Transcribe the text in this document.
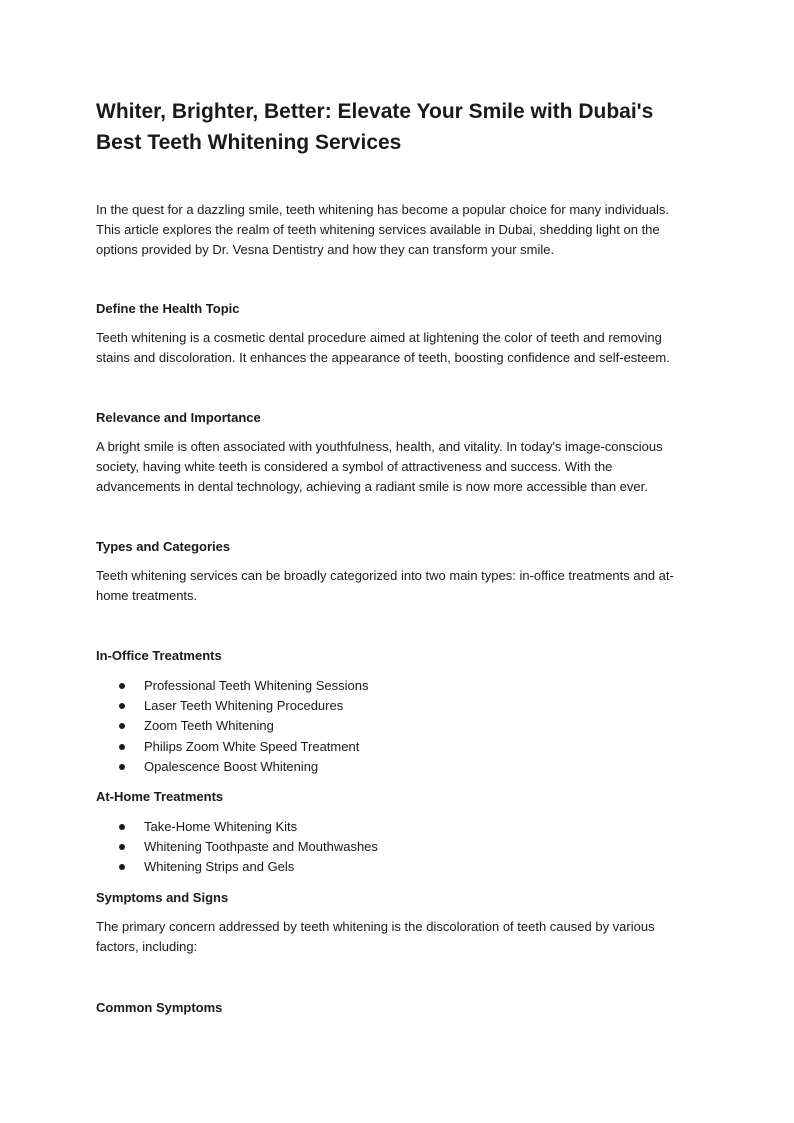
Whiter, Brighter, Better: Elevate Your Smile with Dubai's Best Teeth Whitening Services

In the quest for a dazzling smile, teeth whitening has become a popular choice for many individuals. This article explores the realm of teeth whitening services available in Dubai, shedding light on the options provided by Dr. Vesna Dentistry and how they can transform your smile.

Define the Health Topic

Teeth whitening is a cosmetic dental procedure aimed at lightening the color of teeth and removing stains and discoloration. It enhances the appearance of teeth, boosting confidence and self-esteem.

Relevance and Importance

A bright smile is often associated with youthfulness, health, and vitality. In today's image-conscious society, having white teeth is considered a symbol of attractiveness and success. With the advancements in dental technology, achieving a radiant smile is now more accessible than ever.

Types and Categories

Teeth whitening services can be broadly categorized into two main types: in-office treatments and at-home treatments.

In-Office Treatments
Professional Teeth Whitening Sessions
Laser Teeth Whitening Procedures
Zoom Teeth Whitening
Philips Zoom White Speed Treatment
Opalescence Boost Whitening
At-Home Treatments
Take-Home Whitening Kits
Whitening Toothpaste and Mouthwashes
Whitening Strips and Gels
Symptoms and Signs

The primary concern addressed by teeth whitening is the discoloration of teeth caused by various factors, including:

Common Symptoms
